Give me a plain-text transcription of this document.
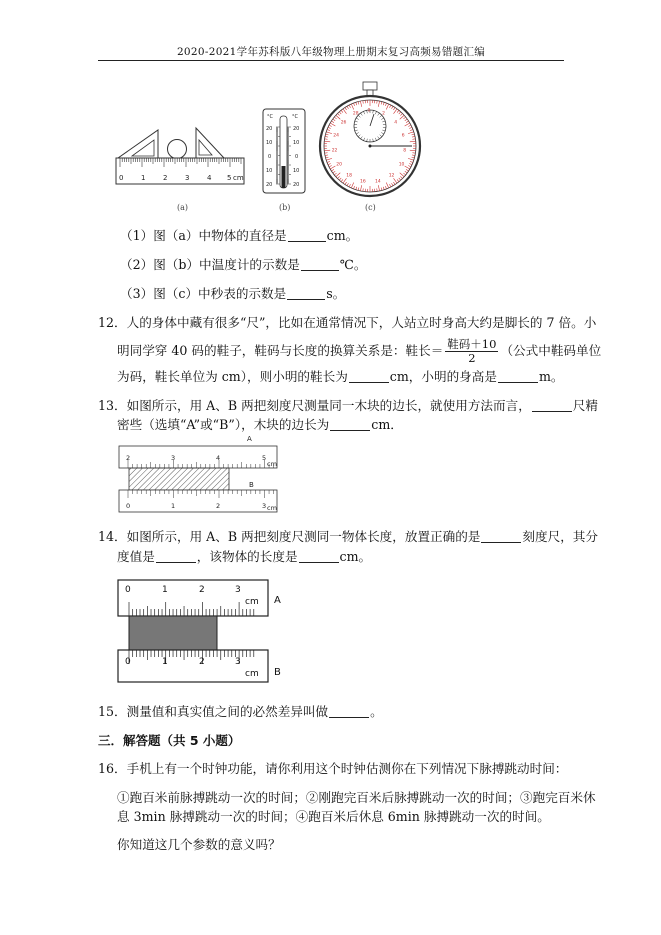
2020-2021学年苏科版八年级物理上册期末复习高频易错题汇编
0	1	2	3	4 5 cm
(a)
°C	°C
20
10
0
10
20
20
10
0
10
20
(b)
0
2
4
6
8
10
12
14
16
18
20
22
24
26
28
(c)
（1）图（a）中物体的直径是	cm。
（2）图（b）中温度计的示数是	℃。
（3）图（c）中秒表的示数是	s。
12．人的身体中藏有很多“尺”，比如在通常情况下，人站立时身高大约是脚长的 7 倍。小
明同学穿 40 码的鞋子，鞋码与长度的换算关系是：鞋长＝ $\frac{\text{鞋码＋10}}{2}$ （公式中鞋码单位
为码，鞋长单位为 cm），则小明的鞋长为	cm，小明的身高是	m。
13．如图所示，用 A、B 两把刻度尺测量同一木块的边长，就使用方法而言，	尺精
密些（选填“A”或“B”），木块的边长为	cm．
A
2	3	4	5
cm
B
0	1	2	3 cm
14．如图所示，用 A、B 两把刻度尺测同一物体长度，放置正确的是	刻度尺，其分
度值是	，该物体的长度是	cm。
0	1	2	3
cm A
0	1	2	3
cm B
15．测量值和真实值之间的必然差异叫做	。
三．解答题（共 5 小题）
16．手机上有一个时钟功能，请你利用这个时钟估测你在下列情况下脉搏跳动时间：
①跑百米前脉搏跳动一次的时间；②刚跑完百米后脉搏跳动一次的时间；③跑完百米休
息 3min 脉搏跳动一次的时间；④跑百米后休息 6min 脉搏跳动一次的时间。
你知道这几个参数的意义吗？
